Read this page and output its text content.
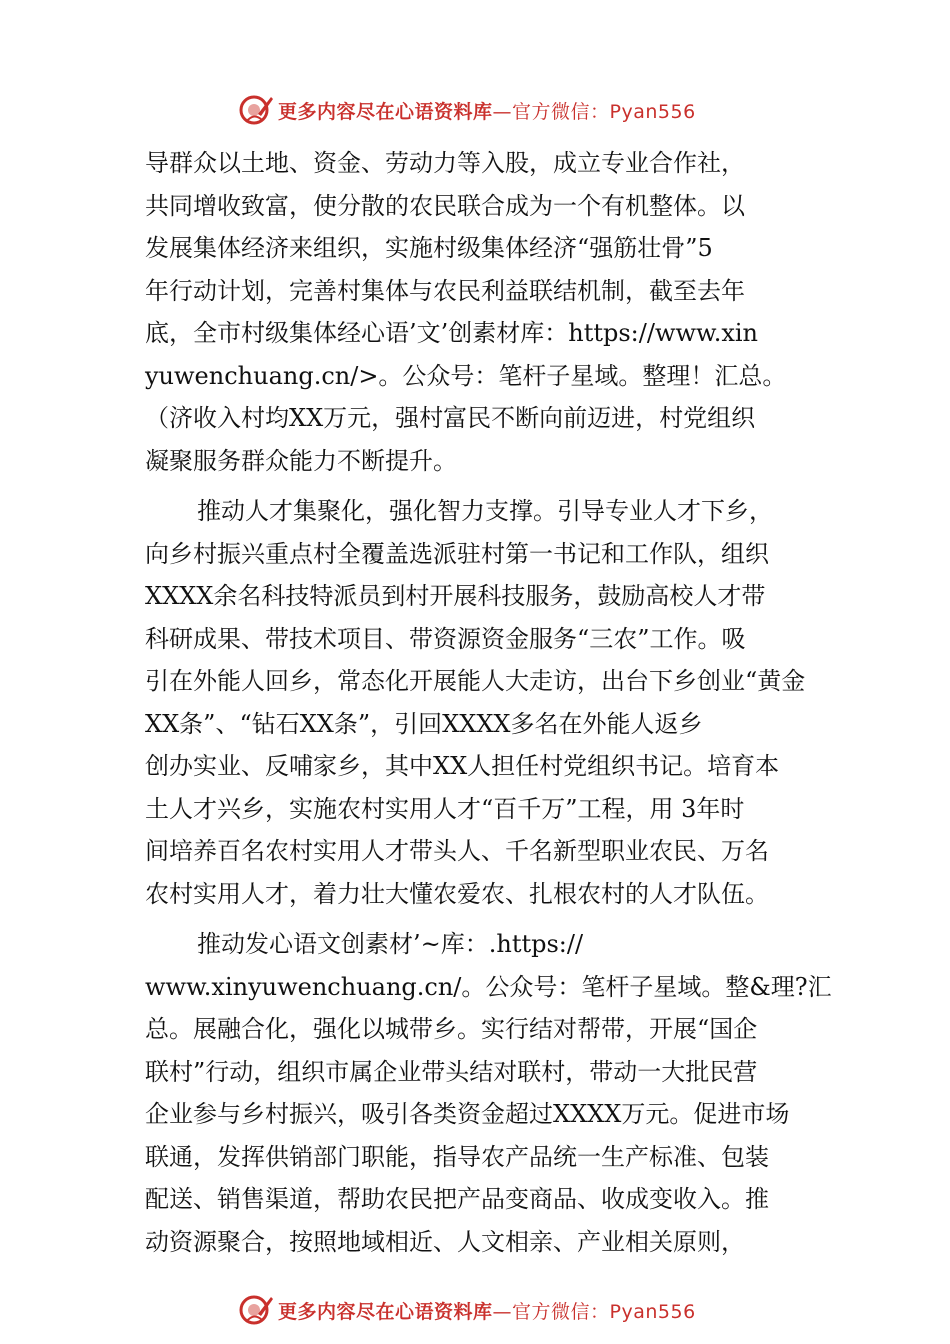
更多内容尽在心语资料库—官方微信：Pyan556

导群众以土地、资金、劳动力等入股，成立专业合作社，
共同增收致富，使分散的农民联合成为一个有机整体。以
发展集体经济来组织，实施村级集体经济“强筋壮骨”5
年行动计划，完善村集体与农民利益联结机制，截至去年
底，全市村级集体经心语’文’创素材库：https://www.xin
yuwenchuang.cn/>。公众号：笔杆子星域。整理！汇总。
（济收入村均XX万元，强村富民不断向前迈进，村党组织
凝聚服务群众能力不断提升。

推动人才集聚化，强化智力支撑。引导专业人才下乡，
向乡村振兴重点村全覆盖选派驻村第一书记和工作队，组织
XXXX余名科技特派员到村开展科技服务，鼓励高校人才带
科研成果、带技术项目、带资源资金服务“三农”工作。吸
引在外能人回乡，常态化开展能人大走访，出台下乡创业“黄金
XX条”、“钻石XX条”，引回XXXX多名在外能人返乡
创办实业、反哺家乡，其中XX人担任村党组织书记。培育本
土人才兴乡，实施农村实用人才“百千万”工程，用 3年时
间培养百名农村实用人才带头人、千名新型职业农民、万名
农村实用人才，着力壮大懂农爱农、扎根农村的人才队伍。

推动发心语文创素材’~库：.https://
www.xinyuwenchuang.cn/。公众号：笔杆子星域。整&理?汇
总。展融合化，强化以城带乡。实行结对帮带，开展“国企
联村”行动，组织市属企业带头结对联村，带动一大批民营
企业参与乡村振兴，吸引各类资金超过XXXX万元。促进市场
联通，发挥供销部门职能，指导农产品统一生产标准、包装
配送、销售渠道，帮助农民把产品变商品、收成变收入。推
动资源聚合，按照地域相近、人文相亲、产业相关原则，

更多内容尽在心语资料库—官方微信：Pyan556
